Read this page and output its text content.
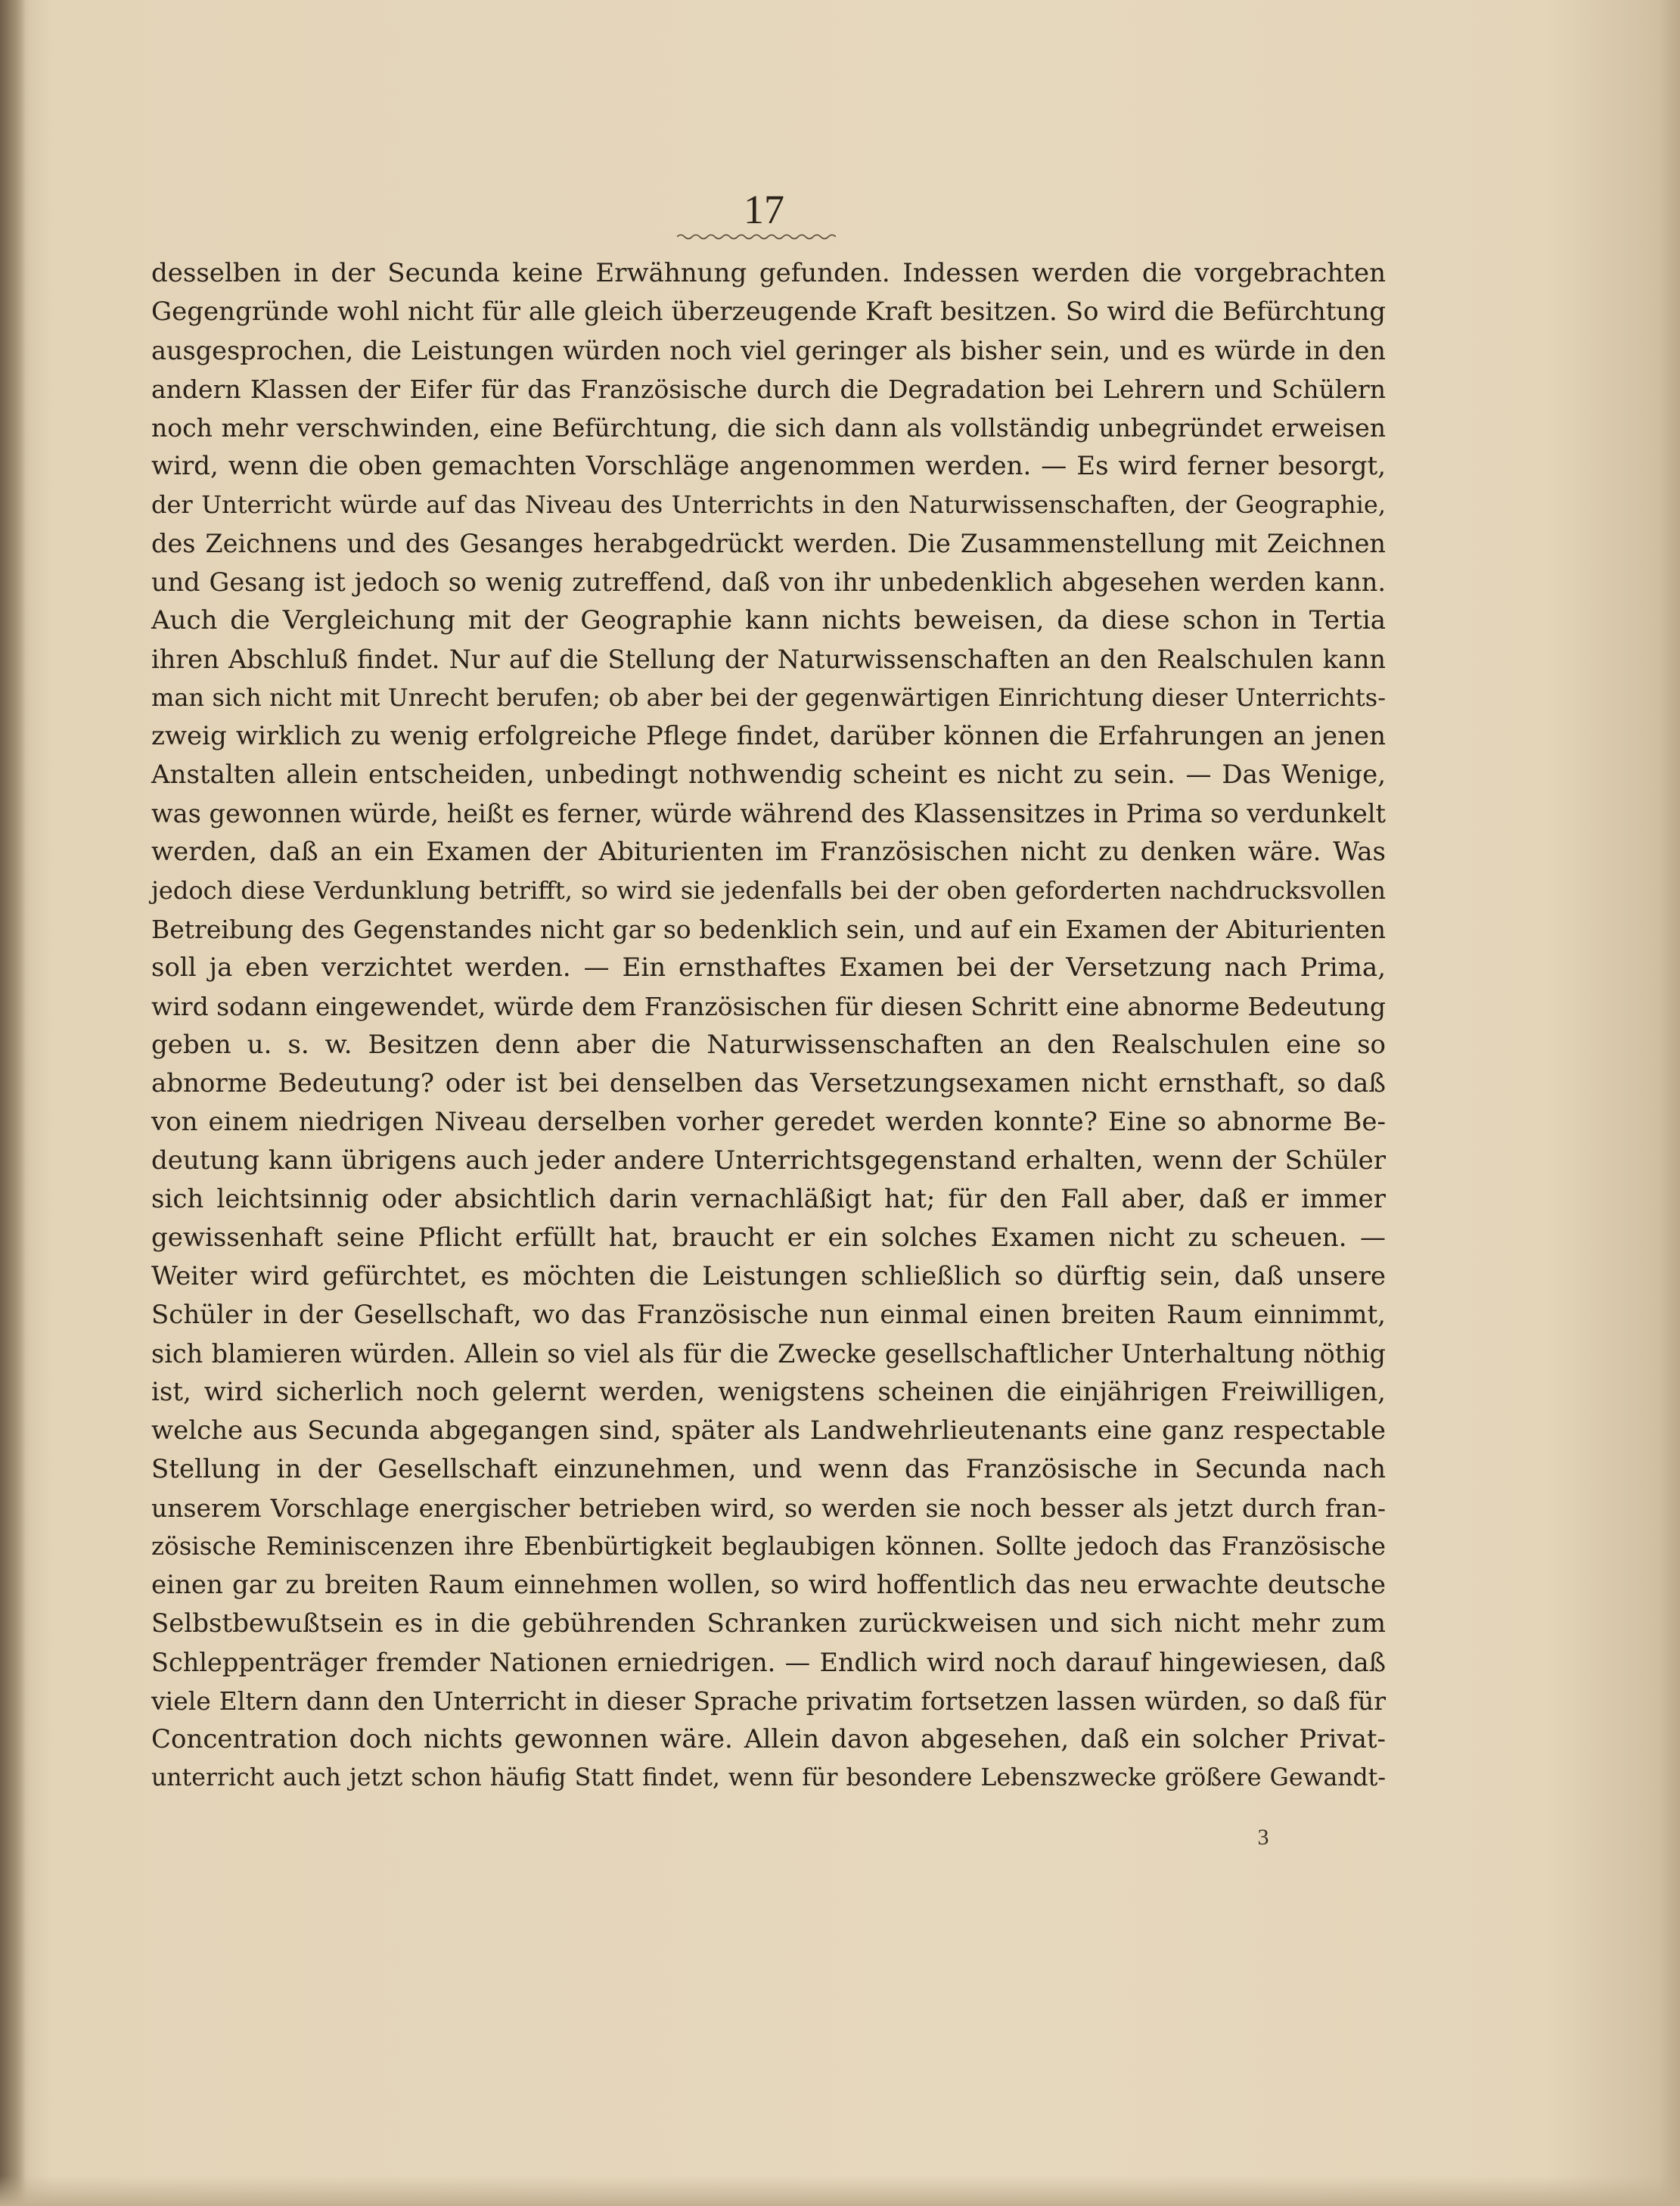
17
desselben in der Secunda keine Erwähnung gefunden. Indessen werden die vorgebrachten
Gegengründe wohl nicht für alle gleich überzeugende Kraft besitzen. So wird die Befürchtung
ausgesprochen, die Leistungen würden noch viel geringer als bisher sein, und es würde in den
andern Klassen der Eifer für das Französische durch die Degradation bei Lehrern und Schülern
noch mehr verschwinden, eine Befürchtung, die sich dann als vollständig unbegründet erweisen
wird, wenn die oben gemachten Vorschläge angenommen werden. — Es wird ferner besorgt,
der Unterricht würde auf das Niveau des Unterrichts in den Naturwissenschaften, der Geographie,
des Zeichnens und des Gesanges herabgedrückt werden. Die Zusammenstellung mit Zeichnen
und Gesang ist jedoch so wenig zutreffend, daß von ihr unbedenklich abgesehen werden kann.
Auch die Vergleichung mit der Geographie kann nichts beweisen, da diese schon in Tertia
ihren Abschluß findet. Nur auf die Stellung der Naturwissenschaften an den Realschulen kann
man sich nicht mit Unrecht berufen; ob aber bei der gegenwärtigen Einrichtung dieser Unterrichts-
zweig wirklich zu wenig erfolgreiche Pflege findet, darüber können die Erfahrungen an jenen
Anstalten allein entscheiden, unbedingt nothwendig scheint es nicht zu sein. — Das Wenige,
was gewonnen würde, heißt es ferner, würde während des Klassensitzes in Prima so verdunkelt
werden, daß an ein Examen der Abiturienten im Französischen nicht zu denken wäre. Was
jedoch diese Verdunklung betrifft, so wird sie jedenfalls bei der oben geforderten nachdrucksvollen
Betreibung des Gegenstandes nicht gar so bedenklich sein, und auf ein Examen der Abiturienten
soll ja eben verzichtet werden. — Ein ernsthaftes Examen bei der Versetzung nach Prima,
wird sodann eingewendet, würde dem Französischen für diesen Schritt eine abnorme Bedeutung
geben u. s. w. Besitzen denn aber die Naturwissenschaften an den Realschulen eine so
abnorme Bedeutung? oder ist bei denselben das Versetzungsexamen nicht ernsthaft, so daß
von einem niedrigen Niveau derselben vorher geredet werden konnte? Eine so abnorme Be-
deutung kann übrigens auch jeder andere Unterrichtsgegenstand erhalten, wenn der Schüler
sich leichtsinnig oder absichtlich darin vernachläßigt hat; für den Fall aber, daß er immer
gewissenhaft seine Pflicht erfüllt hat, braucht er ein solches Examen nicht zu scheuen. —
Weiter wird gefürchtet, es möchten die Leistungen schließlich so dürftig sein, daß unsere
Schüler in der Gesellschaft, wo das Französische nun einmal einen breiten Raum einnimmt,
sich blamieren würden. Allein so viel als für die Zwecke gesellschaftlicher Unterhaltung nöthig
ist, wird sicherlich noch gelernt werden, wenigstens scheinen die einjährigen Freiwilligen,
welche aus Secunda abgegangen sind, später als Landwehrlieutenants eine ganz respectable
Stellung in der Gesellschaft einzunehmen, und wenn das Französische in Secunda nach
unserem Vorschlage energischer betrieben wird, so werden sie noch besser als jetzt durch fran-
zösische Reminiscenzen ihre Ebenbürtigkeit beglaubigen können. Sollte jedoch das Französische
einen gar zu breiten Raum einnehmen wollen, so wird hoffentlich das neu erwachte deutsche
Selbstbewußtsein es in die gebührenden Schranken zurückweisen und sich nicht mehr zum
Schleppenträger fremder Nationen erniedrigen. — Endlich wird noch darauf hingewiesen, daß
viele Eltern dann den Unterricht in dieser Sprache privatim fortsetzen lassen würden, so daß für
Concentration doch nichts gewonnen wäre. Allein davon abgesehen, daß ein solcher Privat-
unterricht auch jetzt schon häufig Statt findet, wenn für besondere Lebenszwecke größere Gewandt-
3
